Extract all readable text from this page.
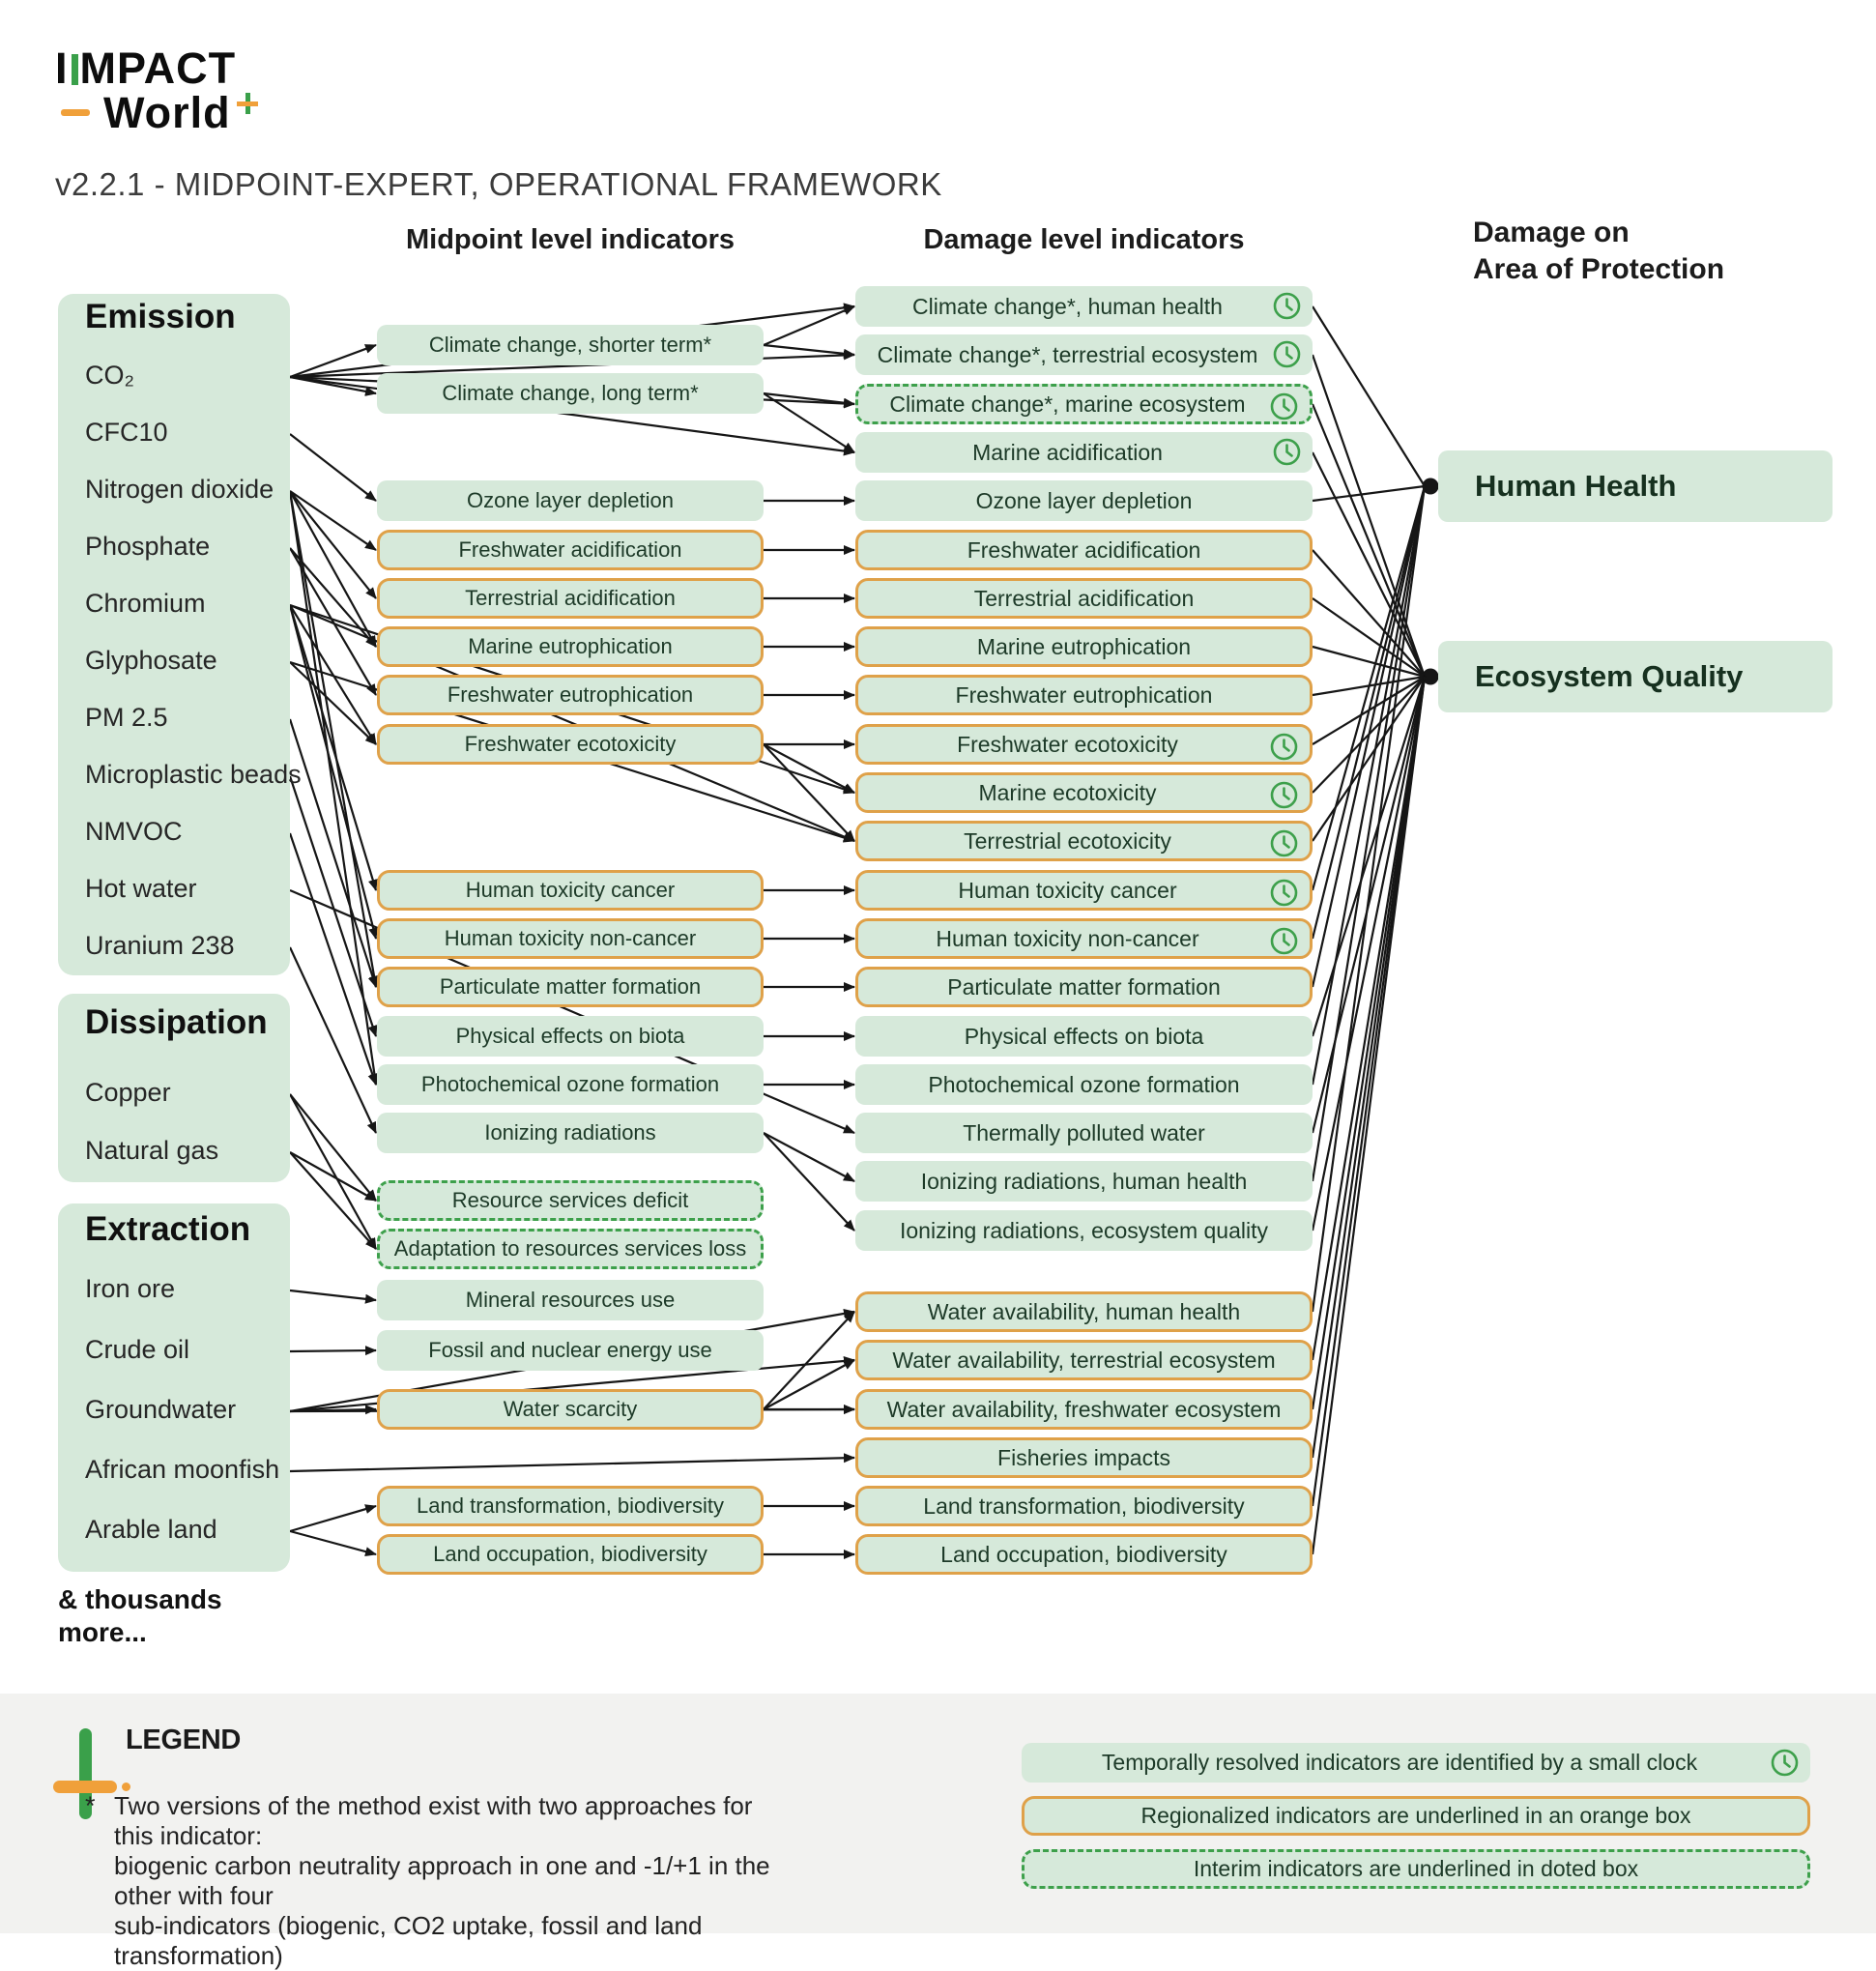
I MPACT
World
v2.2.1 - MIDPOINT-EXPERT, OPERATIONAL FRAMEWORK
Midpoint level indicators	Damage level indicators	Damage on
Area of Protection
& thousands
more...
LEGEND
* Two versions of the method exist with two approaches for this indicator:
biogenic carbon neutrality approach in one and -1/+1 in the other with four
sub-indicators (biogenic, CO2 uptake, fossil and land transformation)
Emission
CO₂
CFC10
Nitrogen dioxide
Phosphate
Chromium
Glyphosate
PM 2.5
Microplastic beads
NMVOC
Hot water
Uranium 238
Dissipation
Copper
Natural gas
Extraction
Iron ore
Crude oil
Groundwater
African moonfish
Arable land
Climate change, shorter term*
Climate change, long term*
Ozone layer depletion
Freshwater acidification
Terrestrial acidification
Marine eutrophication
Freshwater eutrophication
Freshwater ecotoxicity
Human toxicity cancer
Human toxicity non-cancer
Particulate matter formation
Physical effects on biota
Photochemical ozone formation
Ionizing radiations
Resource services deficit
Adaptation to resources services loss
Mineral resources use
Fossil and nuclear energy use
Water scarcity
Land transformation, biodiversity
Land occupation, biodiversity
Climate change*, human health
Climate change*, terrestrial ecosystem
Climate change*, marine ecosystem
Marine acidification
Ozone layer depletion
Freshwater acidification
Terrestrial acidification
Marine eutrophication
Freshwater eutrophication
Freshwater ecotoxicity
Marine ecotoxicity
Terrestrial ecotoxicity
Human toxicity cancer
Human toxicity non-cancer
Particulate matter formation
Physical effects on biota
Photochemical ozone formation
Thermally polluted water
Ionizing radiations, human health
Ionizing radiations, ecosystem quality
Water availability, human health
Water availability, terrestrial ecosystem
Water availability, freshwater ecosystem
Fisheries impacts
Land transformation, biodiversity
Land occupation, biodiversity
Human Health
Ecosystem Quality
Temporally resolved indicators are identified by a small clock
Regionalized indicators are underlined in an orange box
Interim indicators are underlined in doted box
